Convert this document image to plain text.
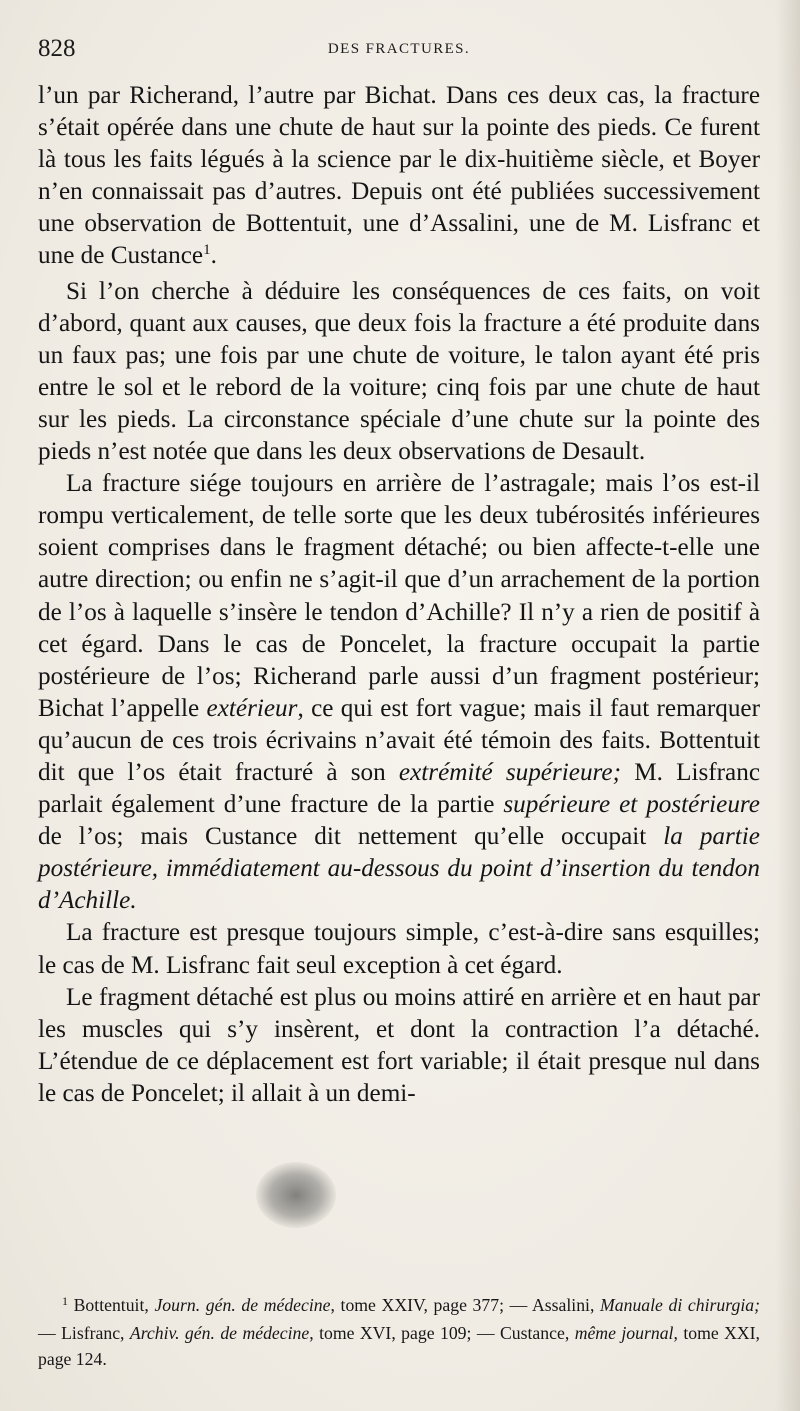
828	DES FRACTURES.

l’un par Richerand, l’autre par Bichat. Dans ces deux cas, la fracture s’était opérée dans une chute de haut sur la pointe des pieds. Ce furent là tous les faits légués à la science par le dix-huitième siècle, et Boyer n’en connaissait pas d’autres. Depuis ont été publiées successivement une observation de Bottentuit, une d’Assalini, une de M. Lisfranc et une de Custance$^1$.

Si l’on cherche à déduire les conséquences de ces faits, on voit d’abord, quant aux causes, que deux fois la fracture a été produite dans un faux pas; une fois par une chute de voiture, le talon ayant été pris entre le sol et le rebord de la voiture; cinq fois par une chute de haut sur les pieds. La circonstance spéciale d’une chute sur la pointe des pieds n’est notée que dans les deux observations de Desault.

La fracture siége toujours en arrière de l’astragale; mais l’os est-il rompu verticalement, de telle sorte que les deux tubérosités inférieures soient comprises dans le fragment détaché; ou bien affecte-t-elle une autre direction; ou enfin ne s’agit-il que d’un arrachement de la portion de l’os à laquelle s’insère le tendon d’Achille? Il n’y a rien de positif à cet égard. Dans le cas de Poncelet, la fracture occupait la partie postérieure de l’os; Richerand parle aussi d’un fragment postérieur; Bichat l’appelle extérieur, ce qui est fort vague; mais il faut remarquer qu’aucun de ces trois écrivains n’avait été témoin des faits. Bottentuit dit que l’os était fracturé à son extrémité supérieure; M. Lisfranc parlait également d’une fracture de la partie supérieure et postérieure de l’os; mais Custance dit nettement qu’elle occupait la partie postérieure, immédiatement au-dessous du point d’insertion du tendon d’Achille.

La fracture est presque toujours simple, c’est-à-dire sans esquilles; le cas de M. Lisfranc fait seul exception à cet égard.

Le fragment détaché est plus ou moins attiré en arrière et en haut par les muscles qui s’y insèrent, et dont la contraction l’a détaché. L’étendue de ce déplacement est fort variable; il était presque nul dans le cas de Poncelet; il allait à un demi-

$^1$ Bottentuit, Journ. gén. de médecine, tome XXIV, page 377; — Assalini, Manuale di chirurgia; — Lisfranc, Archiv. gén. de médecine, tome XVI, page 109; — Custance, même journal, tome XXI, page 124.
